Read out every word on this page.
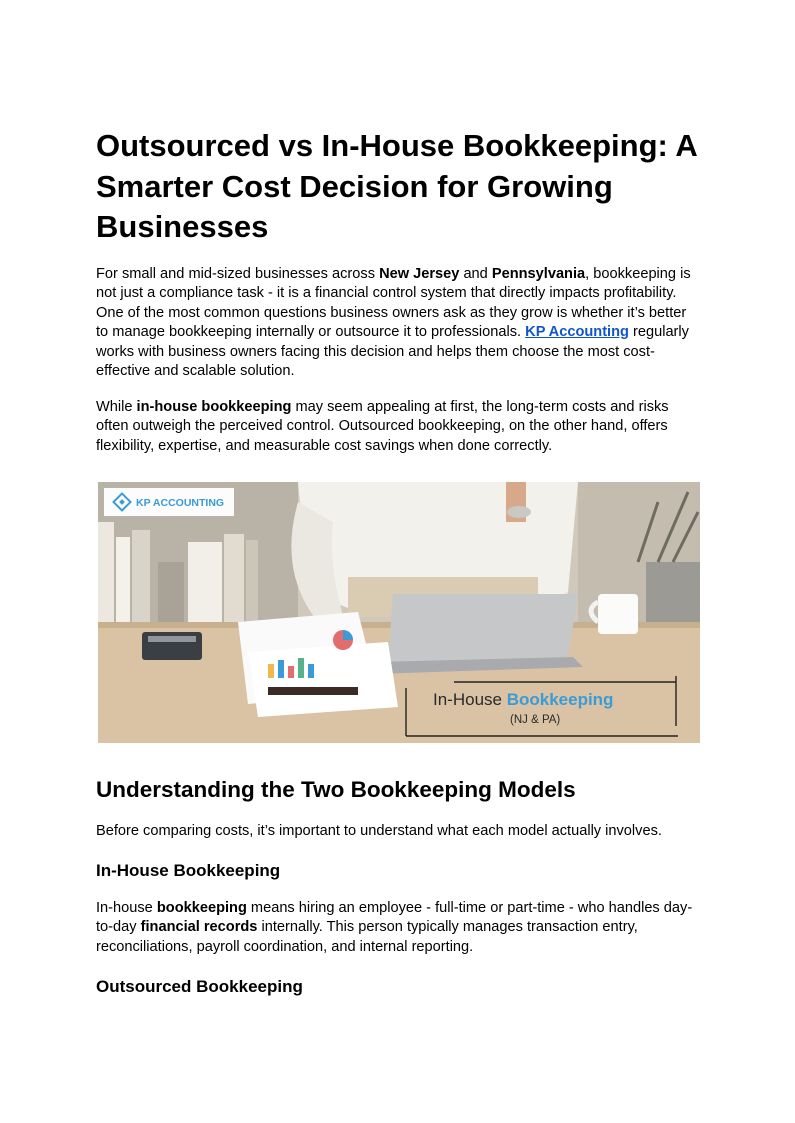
Outsourced vs In-House Bookkeeping: A Smarter Cost Decision for Growing Businesses

For small and mid-sized businesses across New Jersey and Pennsylvania, bookkeeping is not just a compliance task - it is a financial control system that directly impacts profitability. One of the most common questions business owners ask as they grow is whether it’s better to manage bookkeeping internally or outsource it to professionals. KP Accounting regularly works with business owners facing this decision and helps them choose the most cost-effective and scalable solution.

While in-house bookkeeping may seem appealing at first, the long-term costs and risks often outweigh the perceived control. Outsourced bookkeeping, on the other hand, offers flexibility, expertise, and measurable cost savings when done correctly.

KP ACCOUNTING
In-House Bookkeeping
(NJ & PA)
Understanding the Two Bookkeeping Models

Before comparing costs, it’s important to understand what each model actually involves.

In-House Bookkeeping

In-house bookkeeping means hiring an employee - full-time or part-time - who handles day-to-day financial records internally. This person typically manages transaction entry, reconciliations, payroll coordination, and internal reporting.

Outsourced Bookkeeping
